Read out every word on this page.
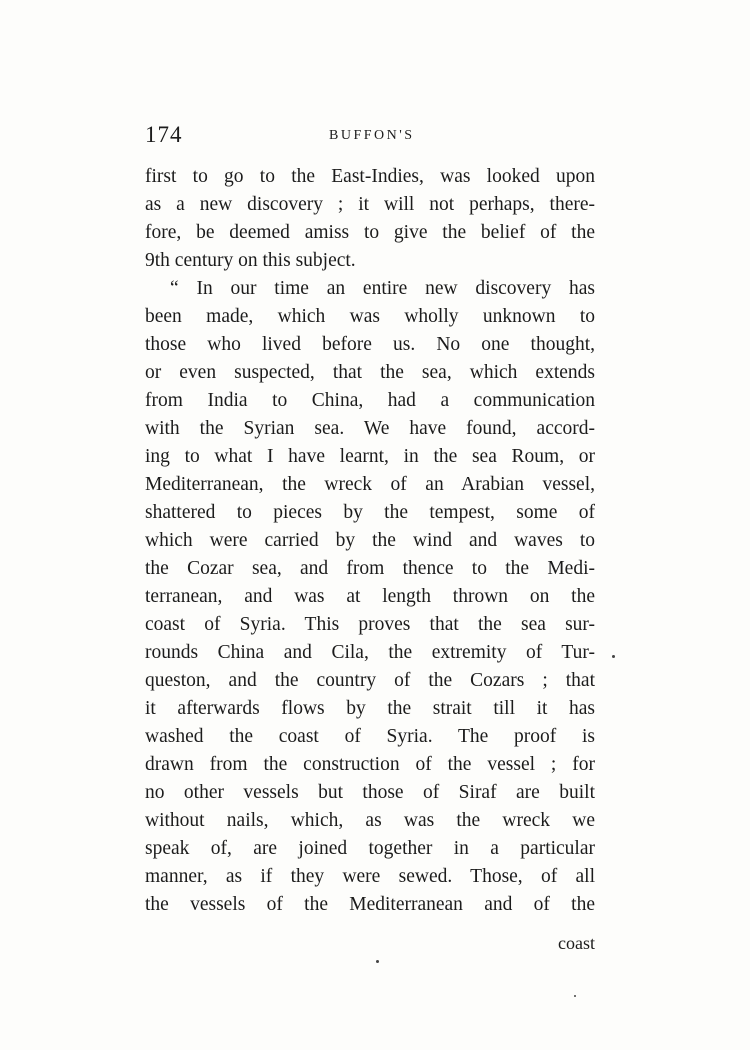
174	BUFFON'S
first to go to the East-Indies, was looked upon
as a new discovery ; it will not perhaps, there-
fore, be deemed amiss to give the belief of the
9th century on this subject.
“ In our time an entire new discovery has
been made, which was wholly unknown to
those who lived before us. No one thought,
or even suspected, that the sea, which extends
from India to China, had a communication
with the Syrian sea. We have found, accord-
ing to what I have learnt, in the sea Roum, or
Mediterranean, the wreck of an Arabian vessel,
shattered to pieces by the tempest, some of
which were carried by the wind and waves to
the Cozar sea, and from thence to the Medi-
terranean, and was at length thrown on the
coast of Syria. This proves that the sea sur-
rounds China and Cila, the extremity of Tur-
queston, and the country of the Cozars ; that
it afterwards flows by the strait till it has
washed the coast of Syria. The proof is
drawn from the construction of the vessel ; for
no other vessels but those of Siraf are built
without nails, which, as was the wreck we
speak of, are joined together in a particular
manner, as if they were sewed. Those, of all
the vessels of the Mediterranean and of the
coast
